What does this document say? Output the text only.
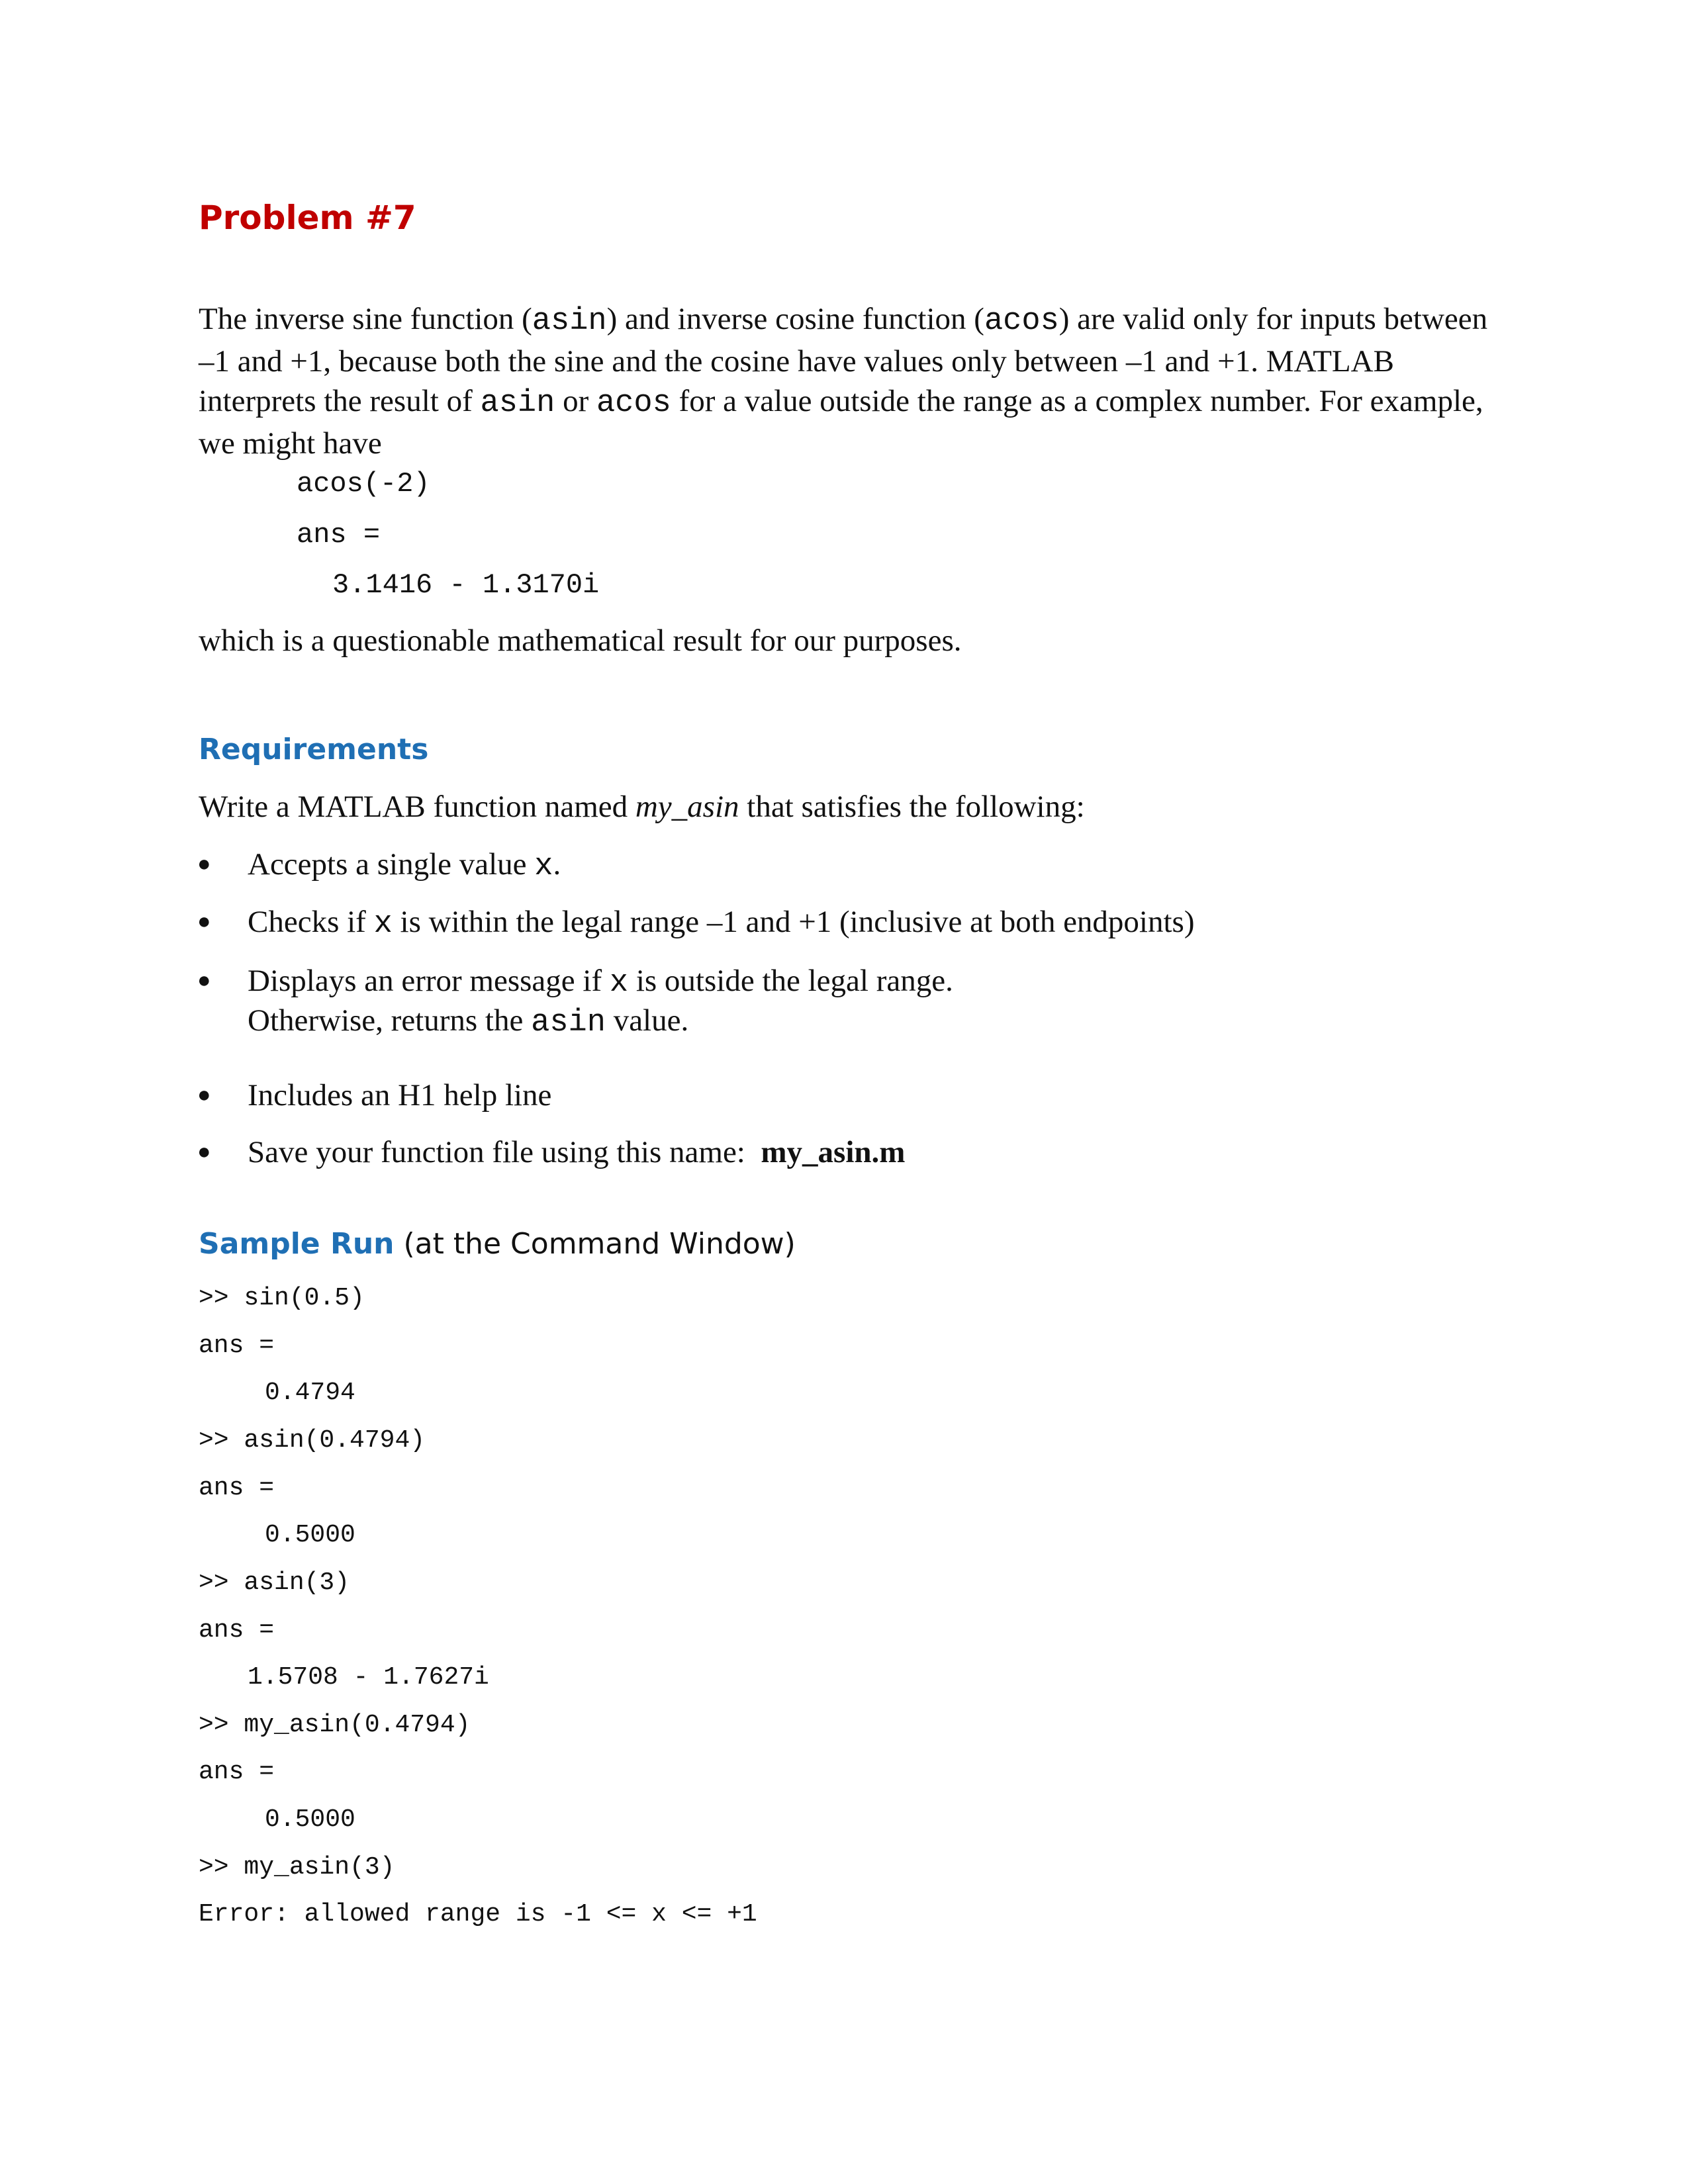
Problem #7

The inverse sine function (asin) and inverse cosine function (acos) are valid only for inputs between –1 and +1, because both the sine and the cosine have values only between –1 and +1. MATLAB interprets the result of asin or acos for a value outside the range as a complex number. For example, we might have

acos(-2)
ans =
3.1416 - 1.3170i
which is a questionable mathematical result for our purposes.
Requirements
Write a MATLAB function named my_asin that satisfies the following:
● Accepts a single value x.
● Checks if x is within the legal range –1 and +1 (inclusive at both endpoints)
● Displays an error message if x is outside the legal range.
Otherwise, returns the asin value.
● Includes an H1 help line
● Save your function file using this name:  my_asin.m
Sample Run (at the Command Window)
>> sin(0.5)
ans =
0.4794
>> asin(0.4794)
ans =
0.5000
>> asin(3)
ans =
1.5708 - 1.7627i
>> my_asin(0.4794)
ans =
0.5000
>> my_asin(3)
Error: allowed range is -1 <= x <= +1
